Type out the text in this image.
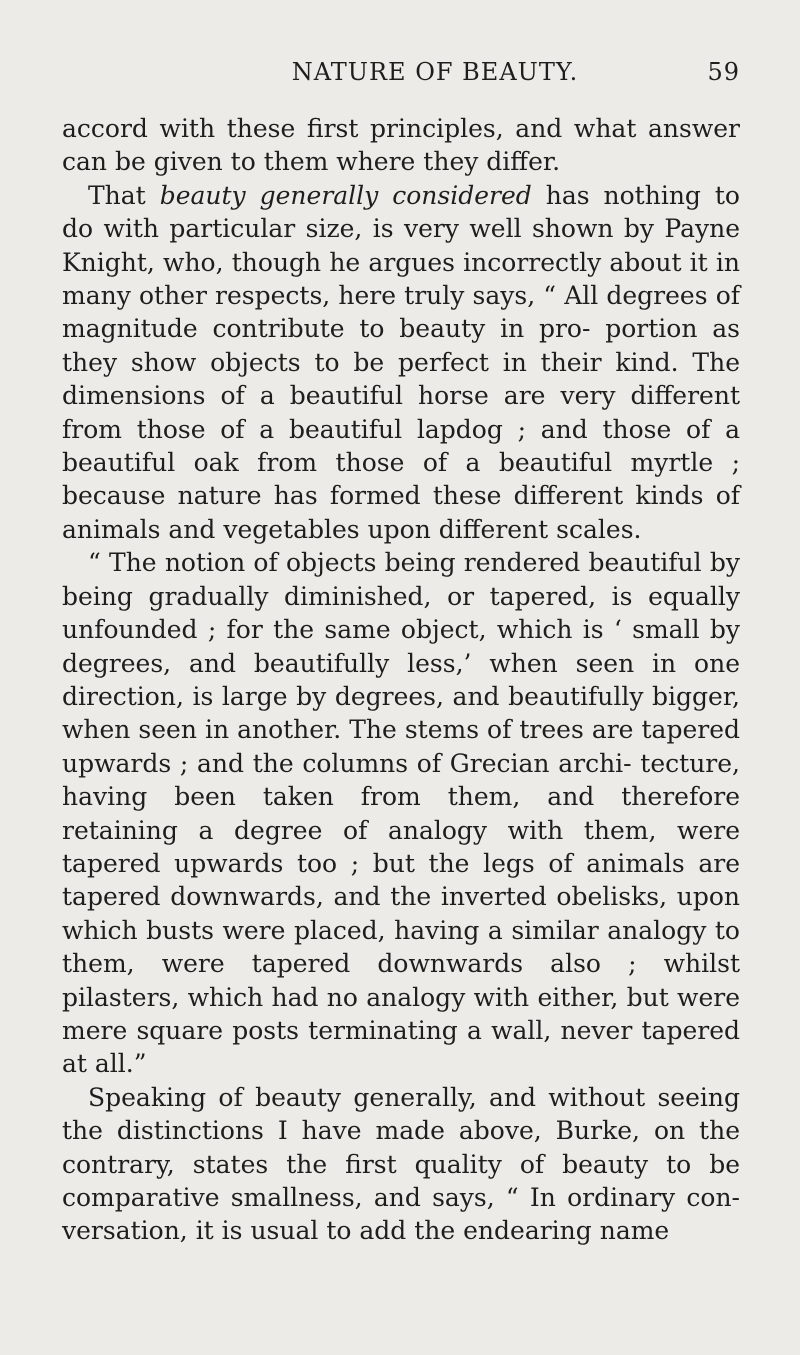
NATURE OF BEAUTY.	59

accord with these first principles, and what answer can be given to them where they differ.

That beauty generally considered has nothing to do with particular size, is very well shown by Payne Knight, who, though he argues incorrectly about it in many other respects, here truly says, “ All degrees of magnitude contribute to beauty in pro- portion as they show objects to be perfect in their kind. The dimensions of a beautiful horse are very different from those of a beautiful lapdog ; and those of a beautiful oak from those of a beautiful myrtle ; because nature has formed these different kinds of animals and vegetables upon different scales.

“ The notion of objects being rendered beautiful by being gradually diminished, or tapered, is equally unfounded ; for the same object, which is ‘ small by degrees, and beautifully less,’ when seen in one direction, is large by degrees, and beautifully bigger, when seen in another. The stems of trees are tapered upwards ; and the columns of Grecian archi- tecture, having been taken from them, and therefore retaining a degree of analogy with them, were tapered upwards too ; but the legs of animals are tapered downwards, and the inverted obelisks, upon which busts were placed, having a similar analogy to them, were tapered downwards also ; whilst pilasters, which had no analogy with either, but were mere square posts terminating a wall, never tapered at all.”

Speaking of beauty generally, and without seeing the distinctions I have made above, Burke, on the contrary, states the first quality of beauty to be comparative smallness, and says, “ In ordinary con- versation, it is usual to add the endearing name
